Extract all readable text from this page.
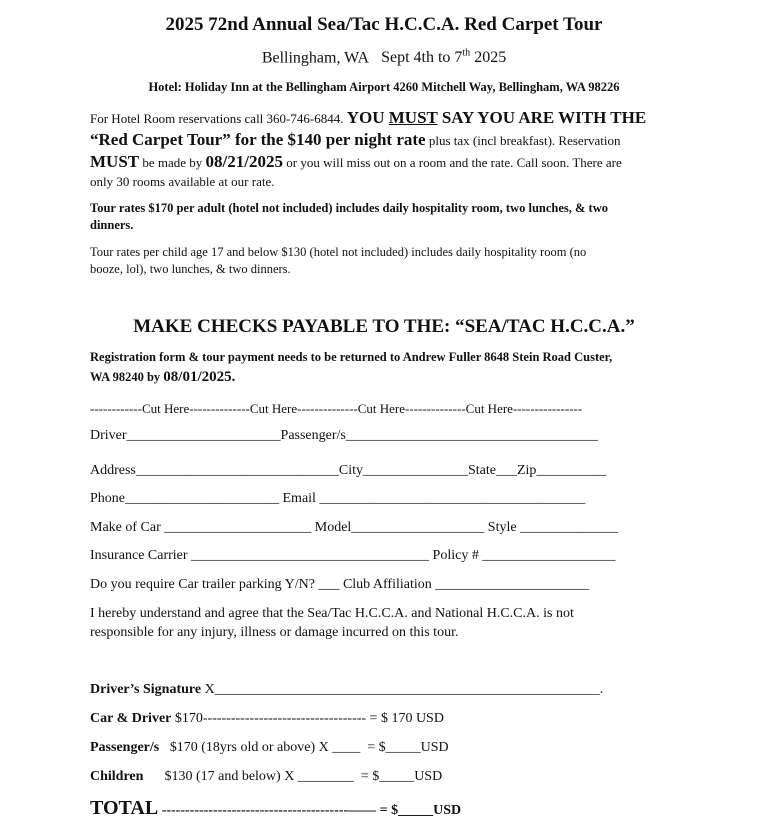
2025 72nd Annual Sea/Tac H.C.C.A. Red Carpet Tour
Bellingham, WA Sept 4th to 7th 2025
Hotel: Holiday Inn at the Bellingham Airport 4260 Mitchell Way, Bellingham, WA 98226
For Hotel Room reservations call 360-746-6844. YOU MUST SAY YOU ARE WITH THE
“Red Carpet Tour” for the $140 per night rate plus tax (incl breakfast). Reservation
MUST be made by 08/21/2025 or you will miss out on a room and the rate. Call soon. There are
only 30 rooms available at our rate.
Tour rates $170 per adult (hotel not included) includes daily hospitality room, two lunches, & two
dinners.
Tour rates per child age 17 and below $130 (hotel not included) includes daily hospitality room (no
booze, lol), two lunches, & two dinners.
MAKE CHECKS PAYABLE TO THE: “SEA/TAC H.C.C.A.”
Registration form & tour payment needs to be returned to Andrew Fuller 8648 Stein Road Custer,
WA 98240 by 08/01/2025.
------------Cut Here--------------Cut Here--------------Cut Here--------------Cut Here----------------
Driver______________________Passenger/s____________________________________
Address_____________________________City_______________State___Zip__________
Phone______________________ Email ______________________________________
Make of Car _____________________ Model___________________ Style ______________
Insurance Carrier __________________________________ Policy # ___________________
Do you require Car trailer parking Y/N? ___ Club Affiliation ______________________
I hereby understand and agree that the Sea/Tac H.C.C.A. and National H.C.C.A. is not
responsible for any injury, illness or damage incurred on this tour.
Driver’s Signature X_______________________________________________________.
Car & Driver $170----------------------------------- = $ 170 USD
Passenger/s   $170 (18yrs old or above) X ____  = $_____USD
Children      $130 (17 and below) X ________  = $_____USD
TOTAL ----------------------------------------—— = $_____USD
